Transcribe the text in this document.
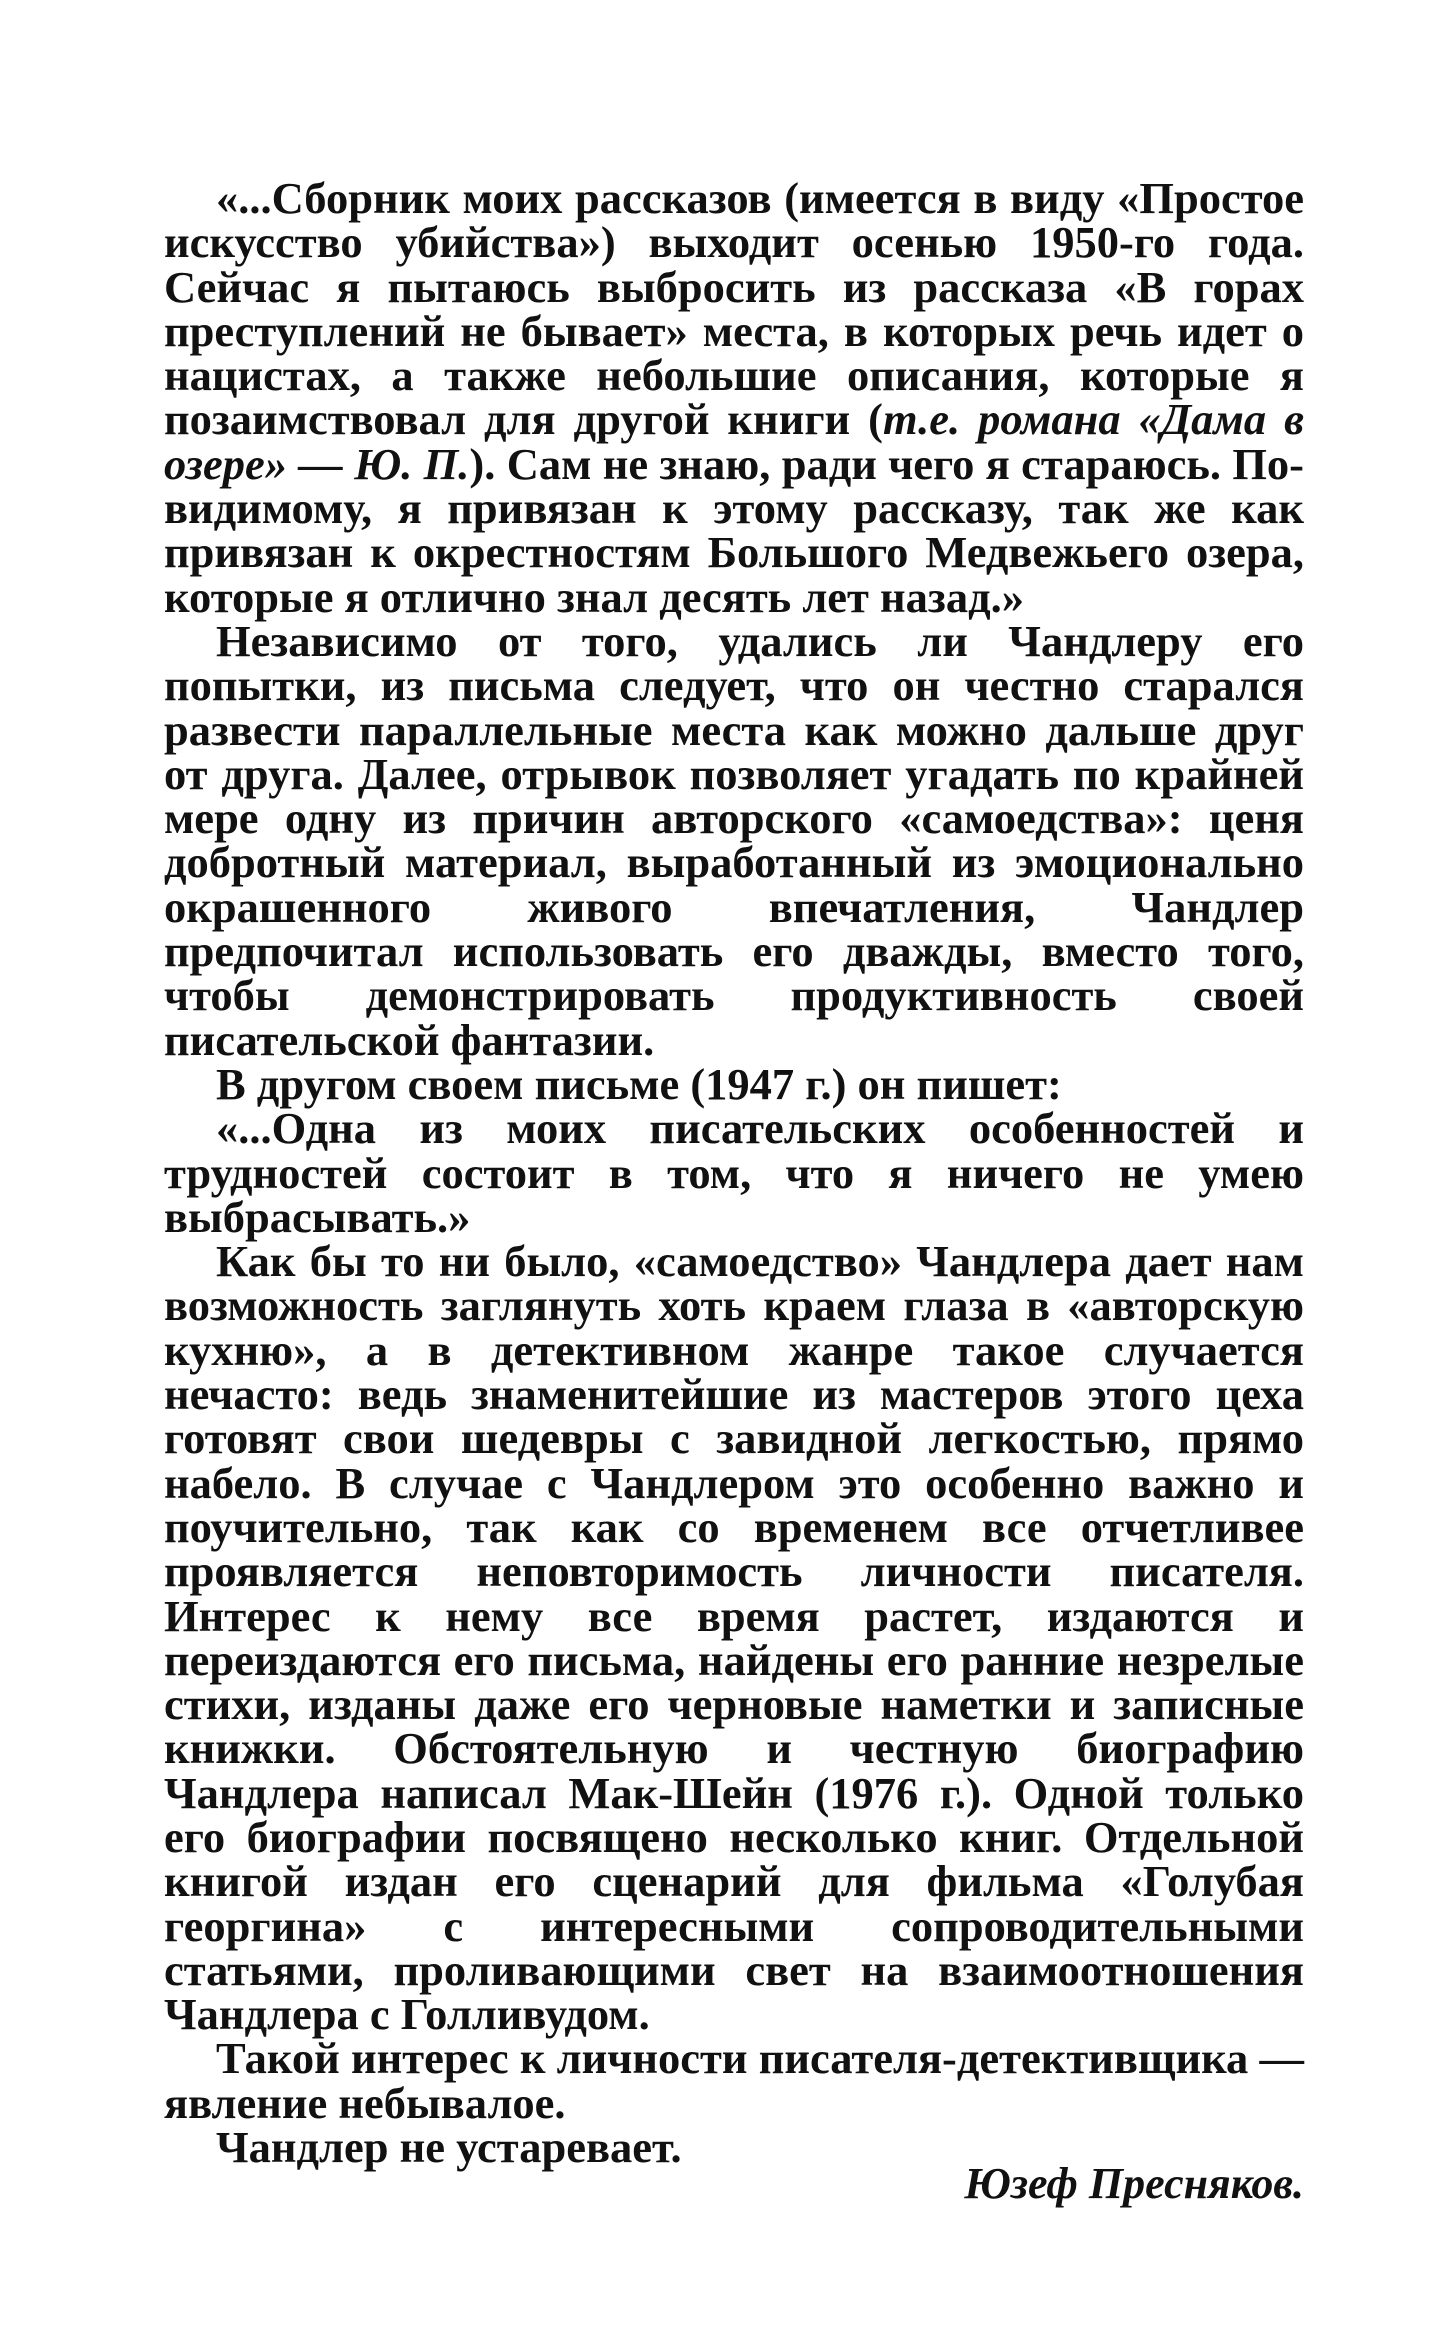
«...Сборник моих рассказов (имеется в виду «Простое искусство убийства») выходит осенью 1950-го года. Сейчас я пытаюсь выбросить из рассказа «В горах преступлений не бывает» места, в которых речь идет о нацистах, а также небольшие описания, которые я позаимствовал для другой книги (т.е. романа «Дама в озере» — Ю. П.). Сам не знаю, ради чего я стараюсь. По-видимому, я привязан к этому рассказу, так же как привязан к окрестностям Большого Медвежьего озера, которые я отлично знал десять лет назад.»

Независимо от того, удались ли Чандлеру его попытки, из письма следует, что он честно старался развести параллельные места как можно дальше друг от друга. Далее, отрывок позволяет угадать по крайней мере одну из причин авторского «самоедства»: ценя добротный материал, выработанный из эмоционально окрашенного живого впечатления, Чандлер предпочитал использовать его дважды, вместо того, чтобы демонстрировать продуктивность своей писательской фантазии.

В другом своем письме (1947 г.) он пишет:

«...Одна из моих писательских особенностей и трудностей состоит в том, что я ничего не умею выбрасывать.»

Как бы то ни было, «самоедство» Чандлера дает нам возможность заглянуть хоть краем глаза в «авторскую кухню», а в детективном жанре такое случается нечасто: ведь знаменитейшие из мастеров этого цеха готовят свои шедевры с завидной легкостью, прямо набело. В случае с Чандлером это особенно важно и поучительно, так как со временем все отчетливее проявляется неповторимость личности писателя. Интерес к нему все время растет, издаются и переиздаются его письма, найдены его ранние незрелые стихи, изданы даже его черновые наметки и записные книжки. Обстоятельную и честную биографию Чандлера написал Мак-Шейн (1976 г.). Одной только его биографии посвящено несколько книг. Отдельной книгой издан его сценарий для фильма «Голубая георгина» с интересными сопроводительными статьями, проливающими свет на взаимоотношения Чандлера с Голливудом.

Такой интерес к личности писателя-детективщика — явление небывалое.

Чандлер не устаревает.

Юзеф Пресняков.
